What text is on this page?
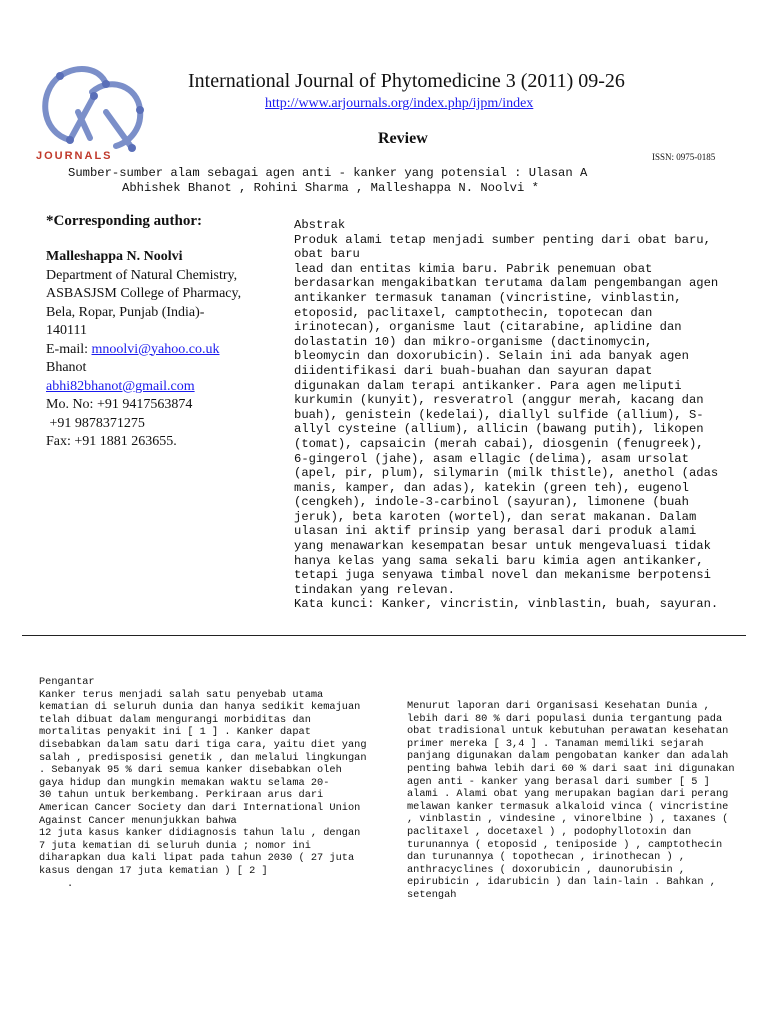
JOURNALS
International Journal of Phytomedicine 3 (2011) 09-26
http://www.arjournals.org/index.php/ijpm/index
Review
ISSN: 0975-0185
Sumber-sumber alam sebagai agen anti - kanker yang potensial : Ulasan A
Abhishek Bhanot , Rohini Sharma , Malleshappa N. Noolvi *
*Corresponding author:
Malleshappa N. Noolvi
Department of Natural Chemistry,
ASBASJSM College of Pharmacy,
Bela, Ropar, Punjab (India)-
140111
E-mail: mnoolvi@yahoo.co.uk
Bhanot
abhi82bhanot@gmail.com
Mo. No: +91 9417563874
+91 9878371275
Fax: +91 1881 263655.

Abstrak

Produk alami tetap menjadi sumber penting dari obat baru, obat baru

lead dan entitas kimia baru. Pabrik penemuan obat berdasarkan mengakibatkan terutama dalam pengembangan agen antikanker termasuk tanaman (vincristine, vinblastin, etoposid, paclitaxel, camptothecin, topotecan dan irinotecan), organisme laut (citarabine, aplidine dan dolastatin 10) dan mikro-organisme (dactinomycin, bleomycin dan doxorubicin). Selain ini ada banyak agen diidentifikasi dari buah-buahan dan sayuran dapat digunakan dalam terapi antikanker. Para agen meliputi kurkumin (kunyit), resveratrol (anggur merah, kacang dan buah), genistein (kedelai), diallyl sulfide (allium), S-allyl cysteine (allium), allicin (bawang putih), likopen (tomat), capsaicin (merah cabai), diosgenin (fenugreek), 6-gingerol (jahe), asam ellagic (delima), asam ursolat (apel, pir, plum), silymarin (milk thistle), anethol (adas manis, kamper, dan adas), katekin (green teh), eugenol (cengkeh), indole-3-carbinol (sayuran), limonene (buah jeruk), beta karoten (wortel), dan serat makanan. Dalam ulasan ini aktif prinsip yang berasal dari produk alami yang menawarkan kesempatan besar untuk mengevaluasi tidak hanya kelas yang sama sekali baru kimia agen antikanker, tetapi juga senyawa timbal novel dan mekanisme berpotensi tindakan yang relevan.

Kata kunci: Kanker, vincristin, vinblastin, buah, sayuran.

Pengantar

Kanker terus menjadi salah satu penyebab utama kematian di seluruh dunia dan hanya sedikit kemajuan telah dibuat dalam mengurangi morbiditas dan mortalitas penyakit ini [ 1 ] . Kanker dapat disebabkan dalam satu dari tiga cara, yaitu diet yang salah , predisposisi genetik , dan melalui lingkungan . Sebanyak 95 % dari semua kanker disebabkan oleh gaya hidup dan mungkin memakan waktu selama 20-

30 tahun untuk berkembang. Perkiraan arus dari American Cancer Society dan dari International Union Against Cancer menunjukkan bahwa

12 juta kasus kanker didiagnosis tahun lalu , dengan 7 juta kematian di seluruh dunia ; nomor ini diharapkan dua kali lipat pada tahun 2030 ( 27 juta kasus dengan 17 juta kematian ) [ 2 ]

.

Menurut laporan dari Organisasi Kesehatan Dunia , lebih dari 80 % dari populasi dunia tergantung pada obat tradisional untuk kebutuhan perawatan kesehatan primer mereka [ 3,4 ] . Tanaman memiliki sejarah panjang digunakan dalam pengobatan kanker dan adalah penting bahwa lebih dari 60 % dari saat ini digunakan agen anti - kanker yang berasal dari sumber [ 5 ] alami . Alami obat yang merupakan bagian dari perang melawan kanker termasuk alkaloid vinca ( vincristine , vinblastin , vindesine , vinorelbine ) , taxanes ( paclitaxel , docetaxel ) , podophyllotoxin dan turunannya ( etoposid , teniposide ) , camptothecin dan turunannya ( topothecan , irinothecan ) , anthracyclines ( doxorubicin , daunorubisin , epirubicin , idarubicin ) dan lain-lain . Bahkan , setengah
